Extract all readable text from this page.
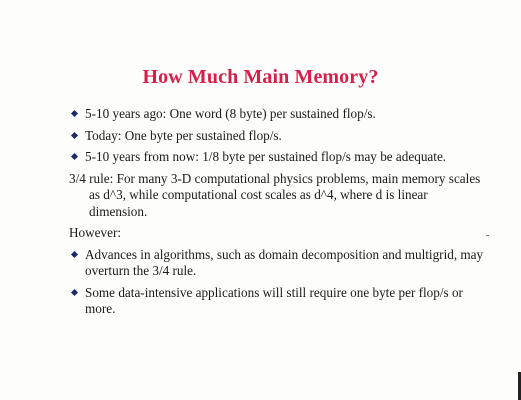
How Much Main Memory?
5-10 years ago: One word (8 byte) per sustained flop/s.
Today: One byte per sustained flop/s.
5-10 years from now: 1/8 byte per sustained flop/s may be adequate.
3/4 rule: For many 3-D computational physics problems, main memory scales as d^3, while computational cost scales as d^4, where d is linear dimension.
However:
Advances in algorithms, such as domain decomposition and multigrid, may overturn the 3/4 rule.
Some data-intensive applications will still require one byte per flop/s or more.
